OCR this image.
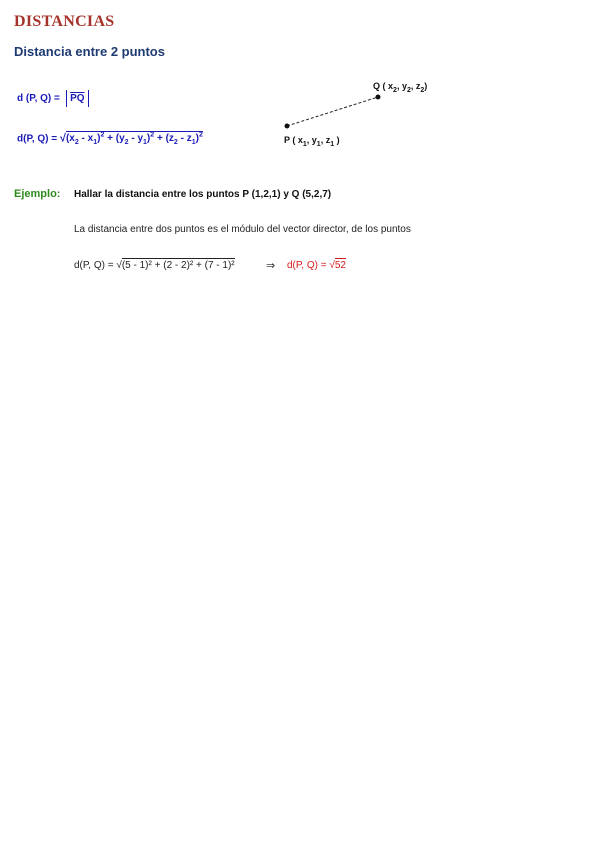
DISTANCIAS
Distancia entre 2 puntos
d (P, $Q) = \overline{PQ}$
d(P, $Q) = √(x_2 - x_1)^2 + (y_2 - y_1)^2 + (z_2 - z_1)^2$
Q ( $x_2$, $y_2$, $z_2$)
P ( $x_1$, $y_1$, $z_1$ )
Ejemplo: Hallar la distancia entre los puntos P (1,2,1) y Q (5,2,7)
La distancia entre dos puntos es el módulo del vector director, de los puntos
d(P, Q) = √(5 - 1)² + (2 - 2)² + (7 - 1)²	⇒ d(P, Q) = √52
